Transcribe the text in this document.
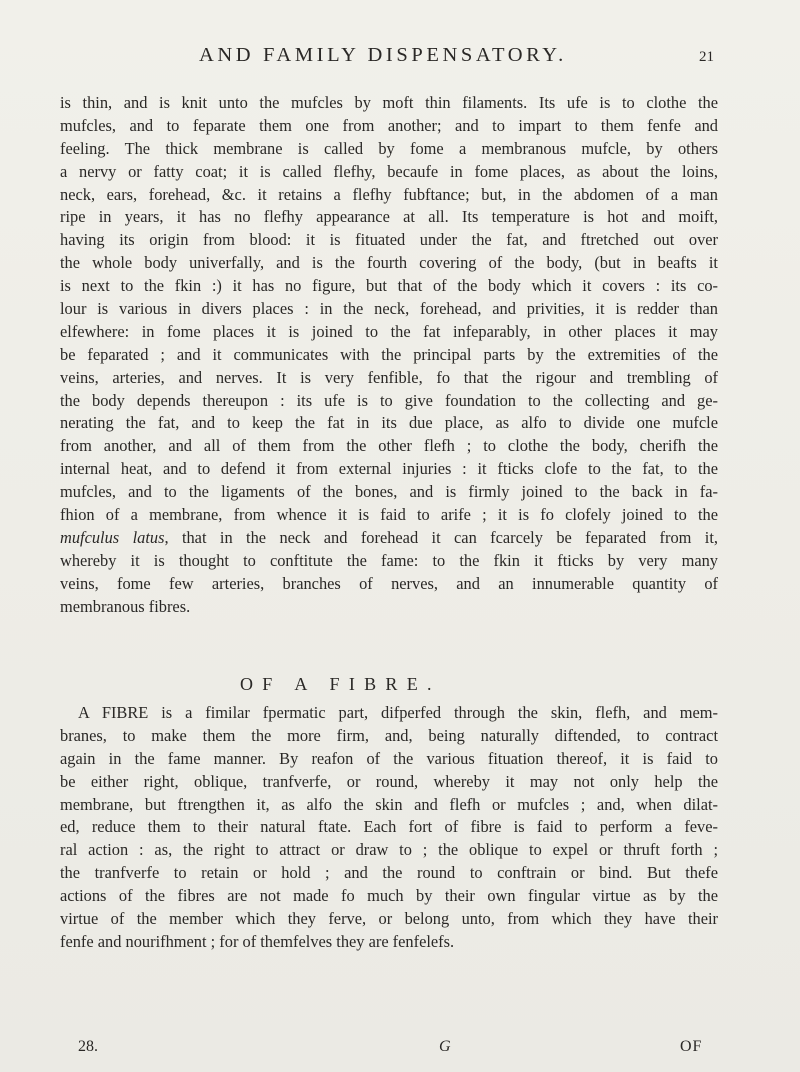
AND FAMILY DISPENSATORY.	21
is thin, and is knit unto the mufcles by moft thin filaments. Its ufe is to clothe the
mufcles, and to feparate them one from another; and to impart to them fenfe and
feeling. The thick membrane is called by fome a membranous mufcle, by others
a nervy or fatty coat; it is called flefhy, becaufe in fome places, as about the loins,
neck, ears, forehead, &c. it retains a flefhy fubftance; but, in the abdomen of a man
ripe in years, it has no flefhy appearance at all. Its temperature is hot and moift,
having its origin from blood: it is fituated under the fat, and ftretched out over
the whole body univerfally, and is the fourth covering of the body, (but in beafts it
is next to the fkin :) it has no figure, but that of the body which it covers : its co-
lour is various in divers places : in the neck, forehead, and privities, it is redder than
elfewhere: in fome places it is joined to the fat infeparably, in other places it may
be feparated ; and it communicates with the principal parts by the extremities of the
veins, arteries, and nerves. It is very fenfible, fo that the rigour and trembling of
the body depends thereupon : its ufe is to give foundation to the collecting and ge-
nerating the fat, and to keep the fat in its due place, as alfo to divide one mufcle
from another, and all of them from the other flefh ; to clothe the body, cherifh the
internal heat, and to defend it from external injuries : it fticks clofe to the fat, to the
mufcles, and to the ligaments of the bones, and is firmly joined to the back in fa-
fhion of a membrane, from whence it is faid to arife ; it is fo clofely joined to the
mufculus latus, that in the neck and forehead it can fcarcely be feparated from it,
whereby it is thought to conftitute the fame: to the fkin it fticks by very many
veins, fome few arteries, branches of nerves, and an innumerable quantity of
membranous fibres.
OF A FIBRE.
A FIBRE is a fimilar fpermatic part, difperfed through the skin, flefh, and mem-
branes, to make them the more firm, and, being naturally diftended, to contract
again in the fame manner. By reafon of the various fituation thereof, it is faid to
be either right, oblique, tranfverfe, or round, whereby it may not only help the
membrane, but ftrengthen it, as alfo the skin and flefh or mufcles ; and, when dilat-
ed, reduce them to their natural ftate. Each fort of fibre is faid to perform a feve-
ral action : as, the right to attract or draw to ; the oblique to expel or thruft forth ;
the tranfverfe to retain or hold ; and the round to conftrain or bind. But thefe
actions of the fibres are not made fo much by their own fingular virtue as by the
virtue of the member which they ferve, or belong unto, from which they have their
fenfe and nourifhment ; for of themfelves they are fenfelefs.
28.	G	OF
